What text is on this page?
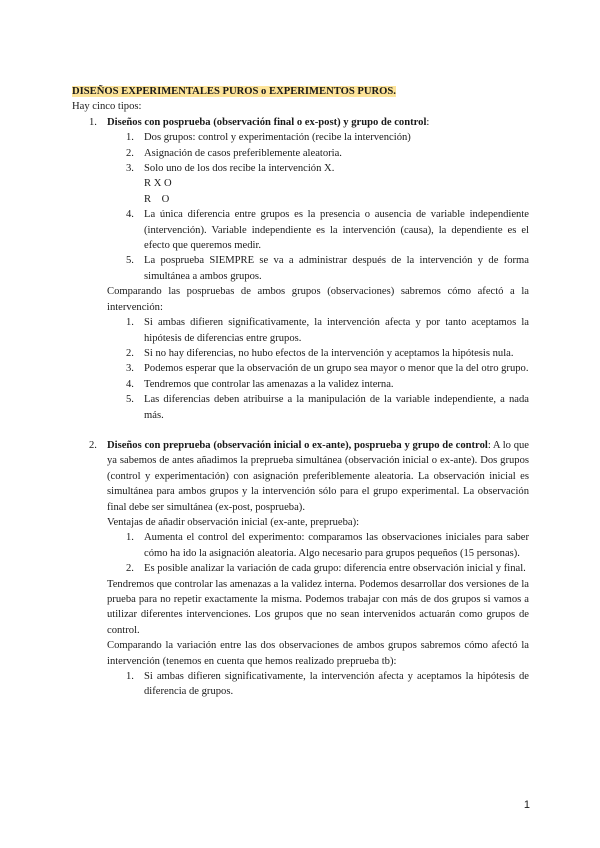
DISEÑOS EXPERIMENTALES PUROS o EXPERIMENTOS PUROS.

Hay cinco tipos:

1. Diseños con posprueba (observación final o ex-post) y grupo de control:
1. Dos grupos: control y experimentación (recibe la intervención)
2. Asignación de casos preferiblemente aleatoria.
3. Solo uno de los dos recibe la intervención X.
R X O
R    O
4. La única diferencia entre grupos es la presencia o ausencia de variable independiente (intervención). Variable independiente es la intervención (causa), la dependiente es el efecto que queremos medir.
5. La posprueba SIEMPRE se va a administrar después de la intervención y de forma simultánea a ambos grupos.

Comparando las pospruebas de ambos grupos (observaciones) sabremos cómo afectó a la intervención:

1. Si ambas difieren significativamente, la intervención afecta y por tanto aceptamos la hipótesis de diferencias entre grupos.
2. Si no hay diferencias, no hubo efectos de la intervención y aceptamos la hipótesis nula.
3. Podemos esperar que la observación de un grupo sea mayor o menor que la del otro grupo.
4. Tendremos que controlar las amenazas a la validez interna.
5. Las diferencias deben atribuirse a la manipulación de la variable independiente, a nada más.
2. Diseños con preprueba (observación inicial o ex-ante), posprueba y grupo de control: A lo que ya sabemos de antes añadimos la preprueba simultánea (observación inicial o ex-ante). Dos grupos (control y experimentación) con asignación preferiblemente aleatoria. La observación inicial es simultánea para ambos grupos y la intervención sólo para el grupo experimental. La observación final debe ser simultánea (ex-post, posprueba).

Ventajas de añadir observación inicial (ex-ante, preprueba):

1. Aumenta el control del experimento: comparamos las observaciones iniciales para saber cómo ha ido la asignación aleatoria. Algo necesario para grupos pequeños (15 personas).
2. Es posible analizar la variación de cada grupo: diferencia entre observación inicial y final.

Tendremos que controlar las amenazas a la validez interna. Podemos desarrollar dos versiones de la prueba para no repetir exactamente la misma. Podemos trabajar con más de dos grupos si vamos a utilizar diferentes intervenciones. Los grupos que no sean intervenidos actuarán como grupos de control.

Comparando la variación entre las dos observaciones de ambos grupos sabremos cómo afectó la intervención (tenemos en cuenta que hemos realizado preprueba tb):

1. Si ambas difieren significativamente, la intervención afecta y aceptamos la hipótesis de diferencia de grupos.
1
